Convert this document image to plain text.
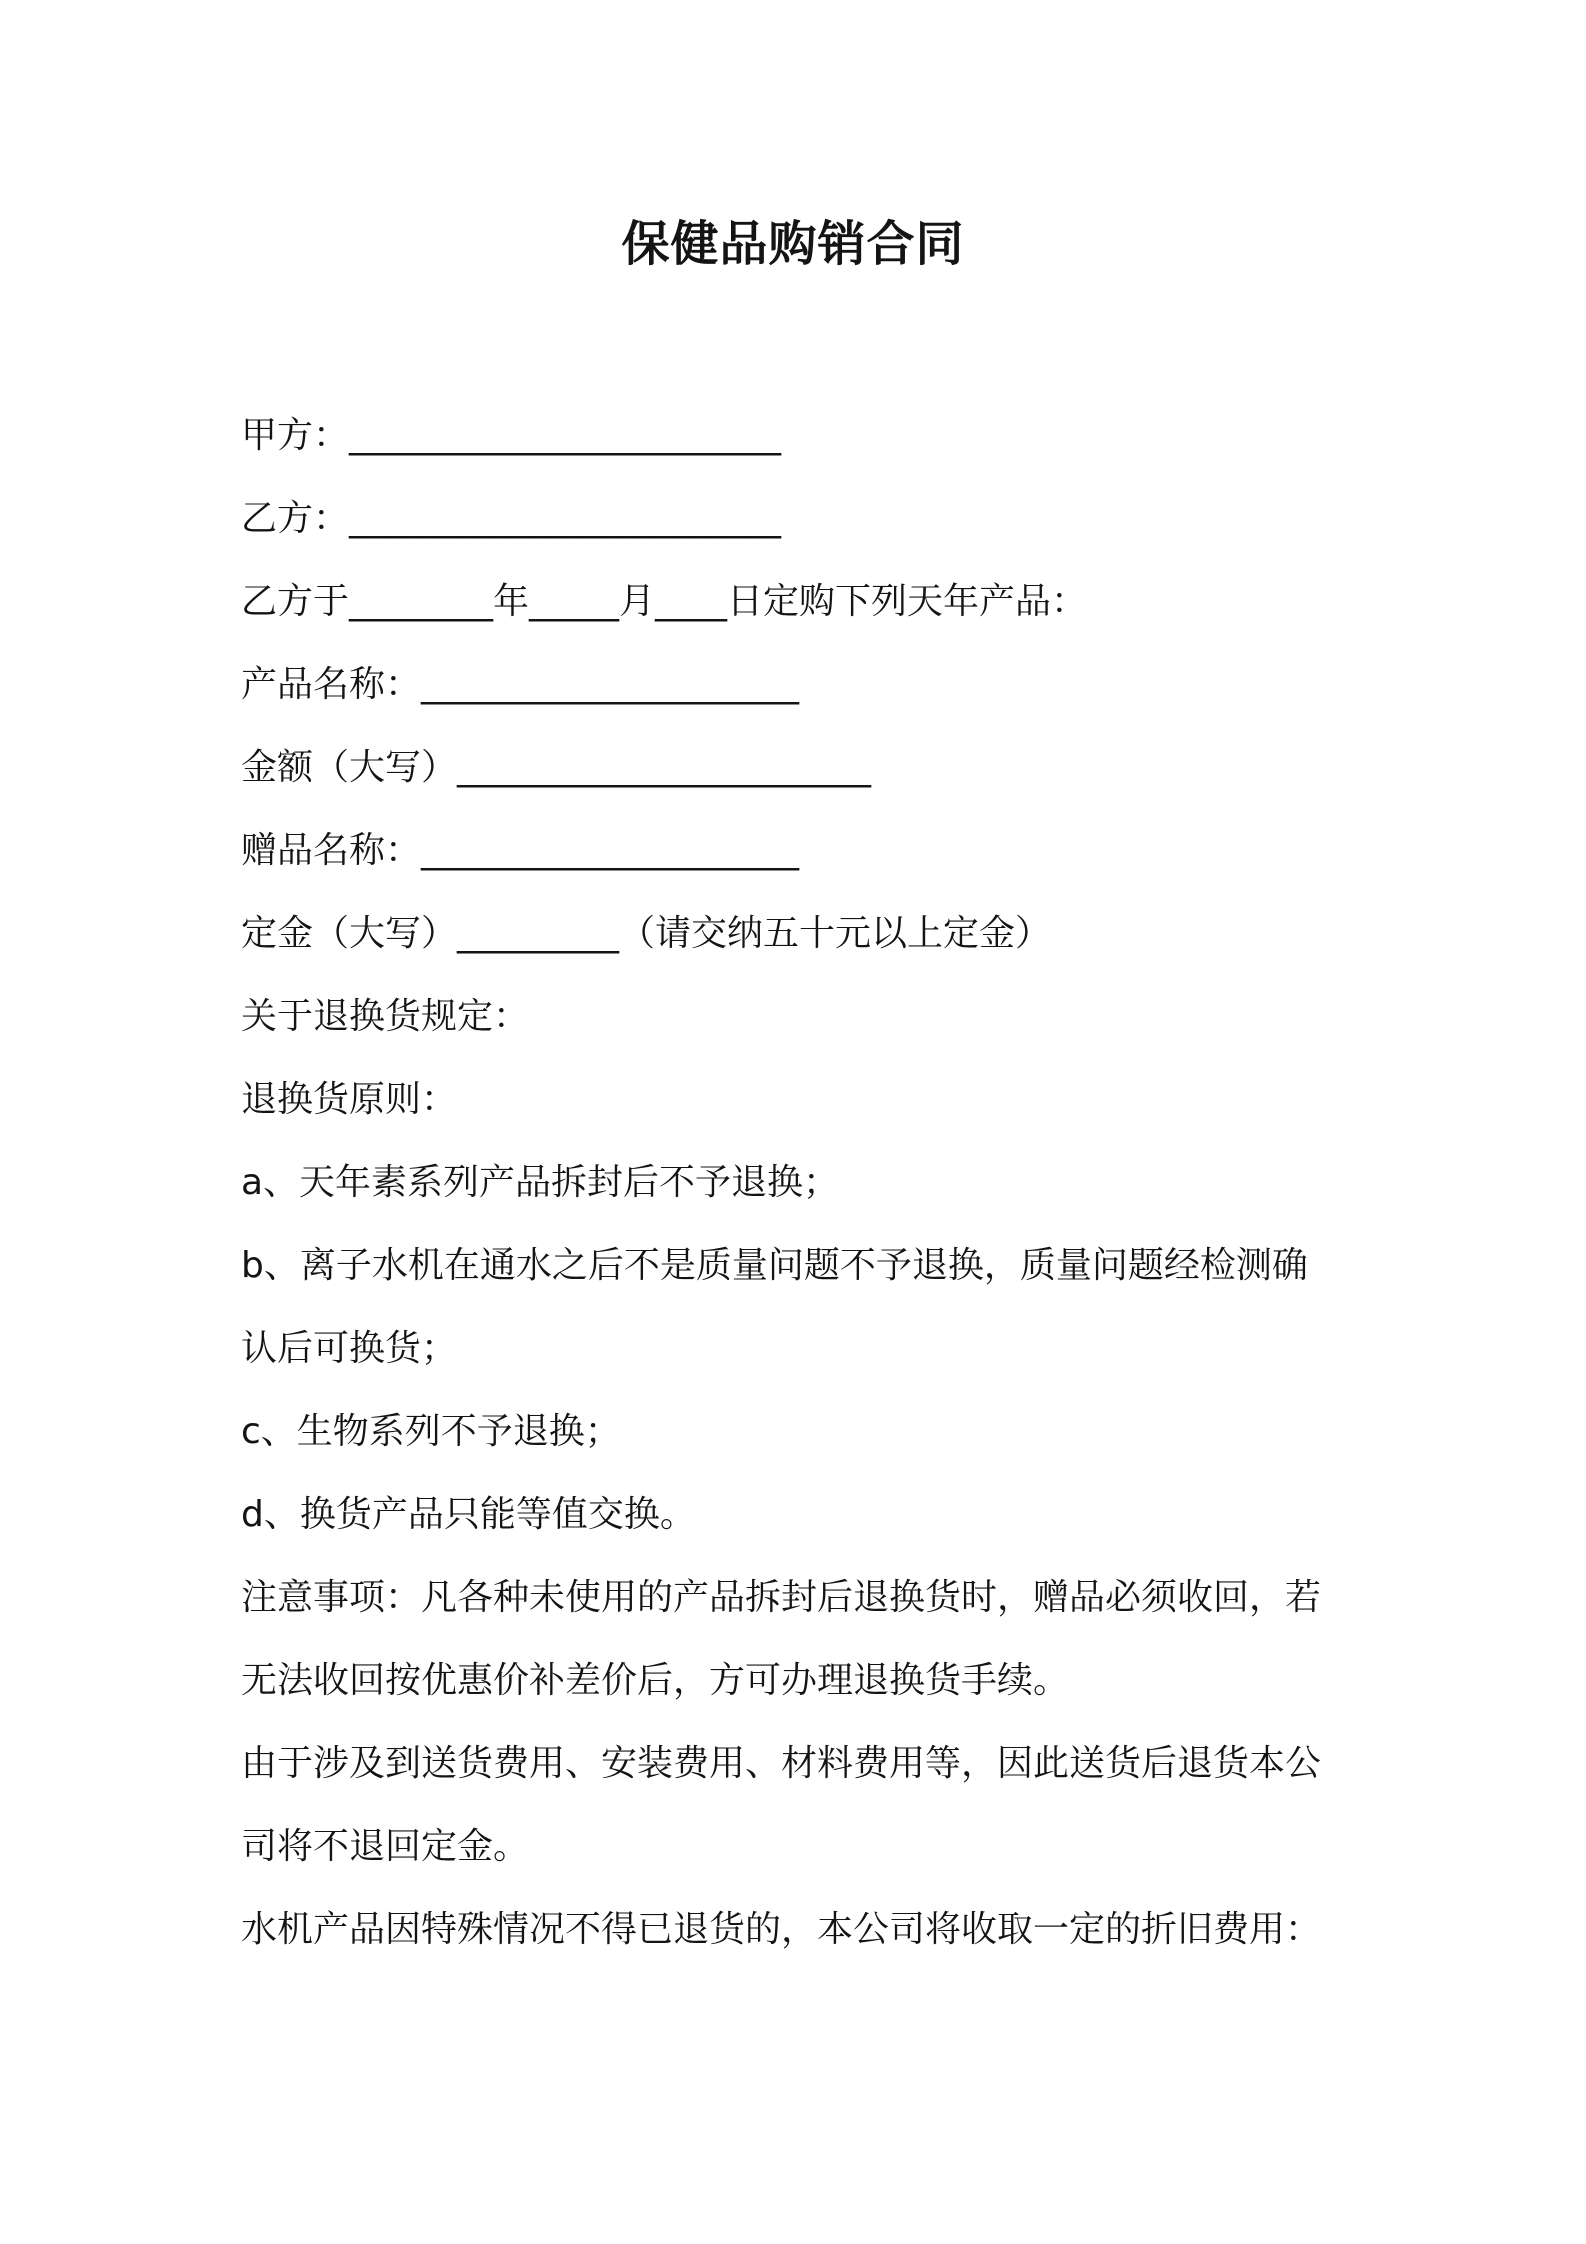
保健品购销合同
甲方：________________________
乙方：________________________
乙方于________年_____月____日定购下列天年产品：
产品名称：_____________________
金额（大写）_______________________
赠品名称：_____________________
定金（大写）_________（请交纳五十元以上定金）
关于退换货规定：
退换货原则：
a、天年素系列产品拆封后不予退换；
b、离子水机在通水之后不是质量问题不予退换，质量问题经检测确
认后可换货；
c、生物系列不予退换；
d、换货产品只能等值交换。
注意事项：凡各种未使用的产品拆封后退换货时，赠品必须收回，若
无法收回按优惠价补差价后，方可办理退换货手续。
由于涉及到送货费用、安装费用、材料费用等，因此送货后退货本公
司将不退回定金。
水机产品因特殊情况不得已退货的，本公司将收取一定的折旧费用：
